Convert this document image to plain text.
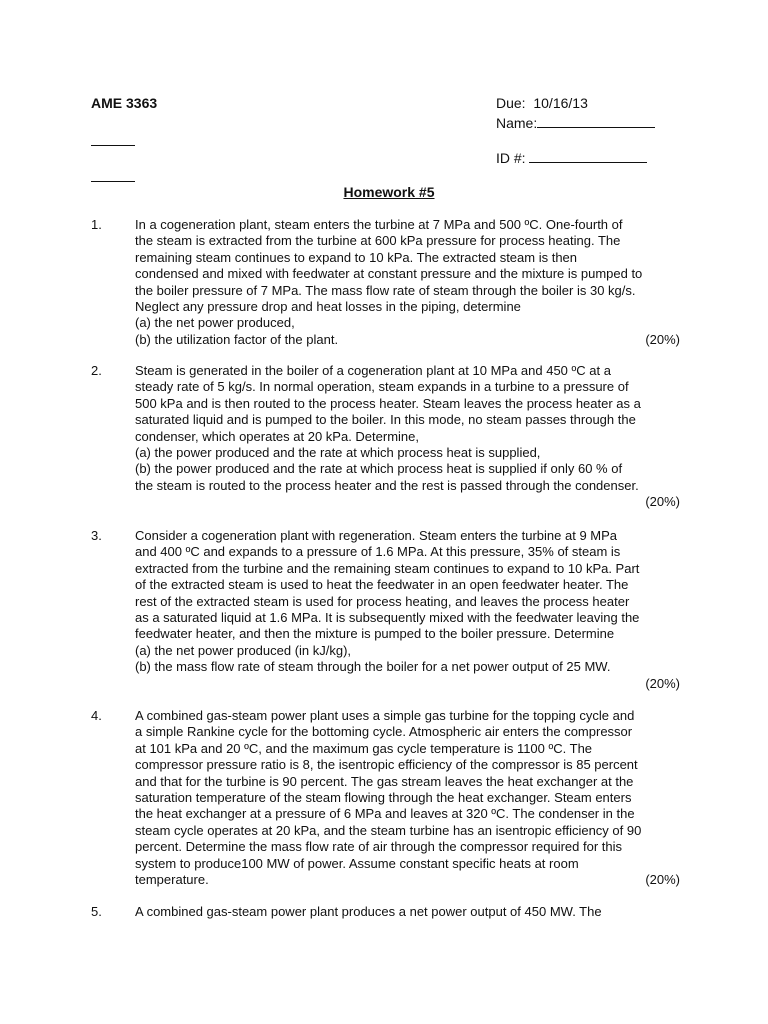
AME 3363	Due: 10/16/13
Name:
ID #:
Homework #5
1.	In a cogeneration plant, steam enters the turbine at 7 MPa and 500 ºC. One-fourth of
the steam is extracted from the turbine at 600 kPa pressure for process heating. The
remaining steam continues to expand to 10 kPa. The extracted steam is then
condensed and mixed with feedwater at constant pressure and the mixture is pumped to
the boiler pressure of 7 MPa. The mass flow rate of steam through the boiler is 30 kg/s.
Neglect any pressure drop and heat losses in the piping, determine
(a) the net power produced,
(b) the utilization factor of the plant.	(20%)
2.	Steam is generated in the boiler of a cogeneration plant at 10 MPa and 450 ºC at a
steady rate of 5 kg/s. In normal operation, steam expands in a turbine to a pressure of
500 kPa and is then routed to the process heater. Steam leaves the process heater as a
saturated liquid and is pumped to the boiler. In this mode, no steam passes through the
condenser, which operates at 20 kPa. Determine,
(a) the power produced and the rate at which process heat is supplied,
(b) the power produced and the rate at which process heat is supplied if only 60 % of
the steam is routed to the process heater and the rest is passed through the condenser.
(20%)
3.	Consider a cogeneration plant with regeneration. Steam enters the turbine at 9 MPa
and 400 ºC and expands to a pressure of 1.6 MPa. At this pressure, 35% of steam is
extracted from the turbine and the remaining steam continues to expand to 10 kPa. Part
of the extracted steam is used to heat the feedwater in an open feedwater heater. The
rest of the extracted steam is used for process heating, and leaves the process heater
as a saturated liquid at 1.6 MPa. It is subsequently mixed with the feedwater leaving the
feedwater heater, and then the mixture is pumped to the boiler pressure. Determine
(a) the net power produced (in kJ/kg),
(b) the mass flow rate of steam through the boiler for a net power output of 25 MW.
(20%)
4.	A combined gas-steam power plant uses a simple gas turbine for the topping cycle and
a simple Rankine cycle for the bottoming cycle. Atmospheric air enters the compressor
at 101 kPa and 20 ºC, and the maximum gas cycle temperature is 1100 ºC. The
compressor pressure ratio is 8, the isentropic efficiency of the compressor is 85 percent
and that for the turbine is 90 percent. The gas stream leaves the heat exchanger at the
saturation temperature of the steam flowing through the heat exchanger. Steam enters
the heat exchanger at a pressure of 6 MPa and leaves at 320 ºC. The condenser in the
steam cycle operates at 20 kPa, and the steam turbine has an isentropic efficiency of 90
percent. Determine the mass flow rate of air through the compressor required for this
system to produce100 MW of power. Assume constant specific heats at room
temperature.	(20%)
5.	A combined gas-steam power plant produces a net power output of 450 MW. The
